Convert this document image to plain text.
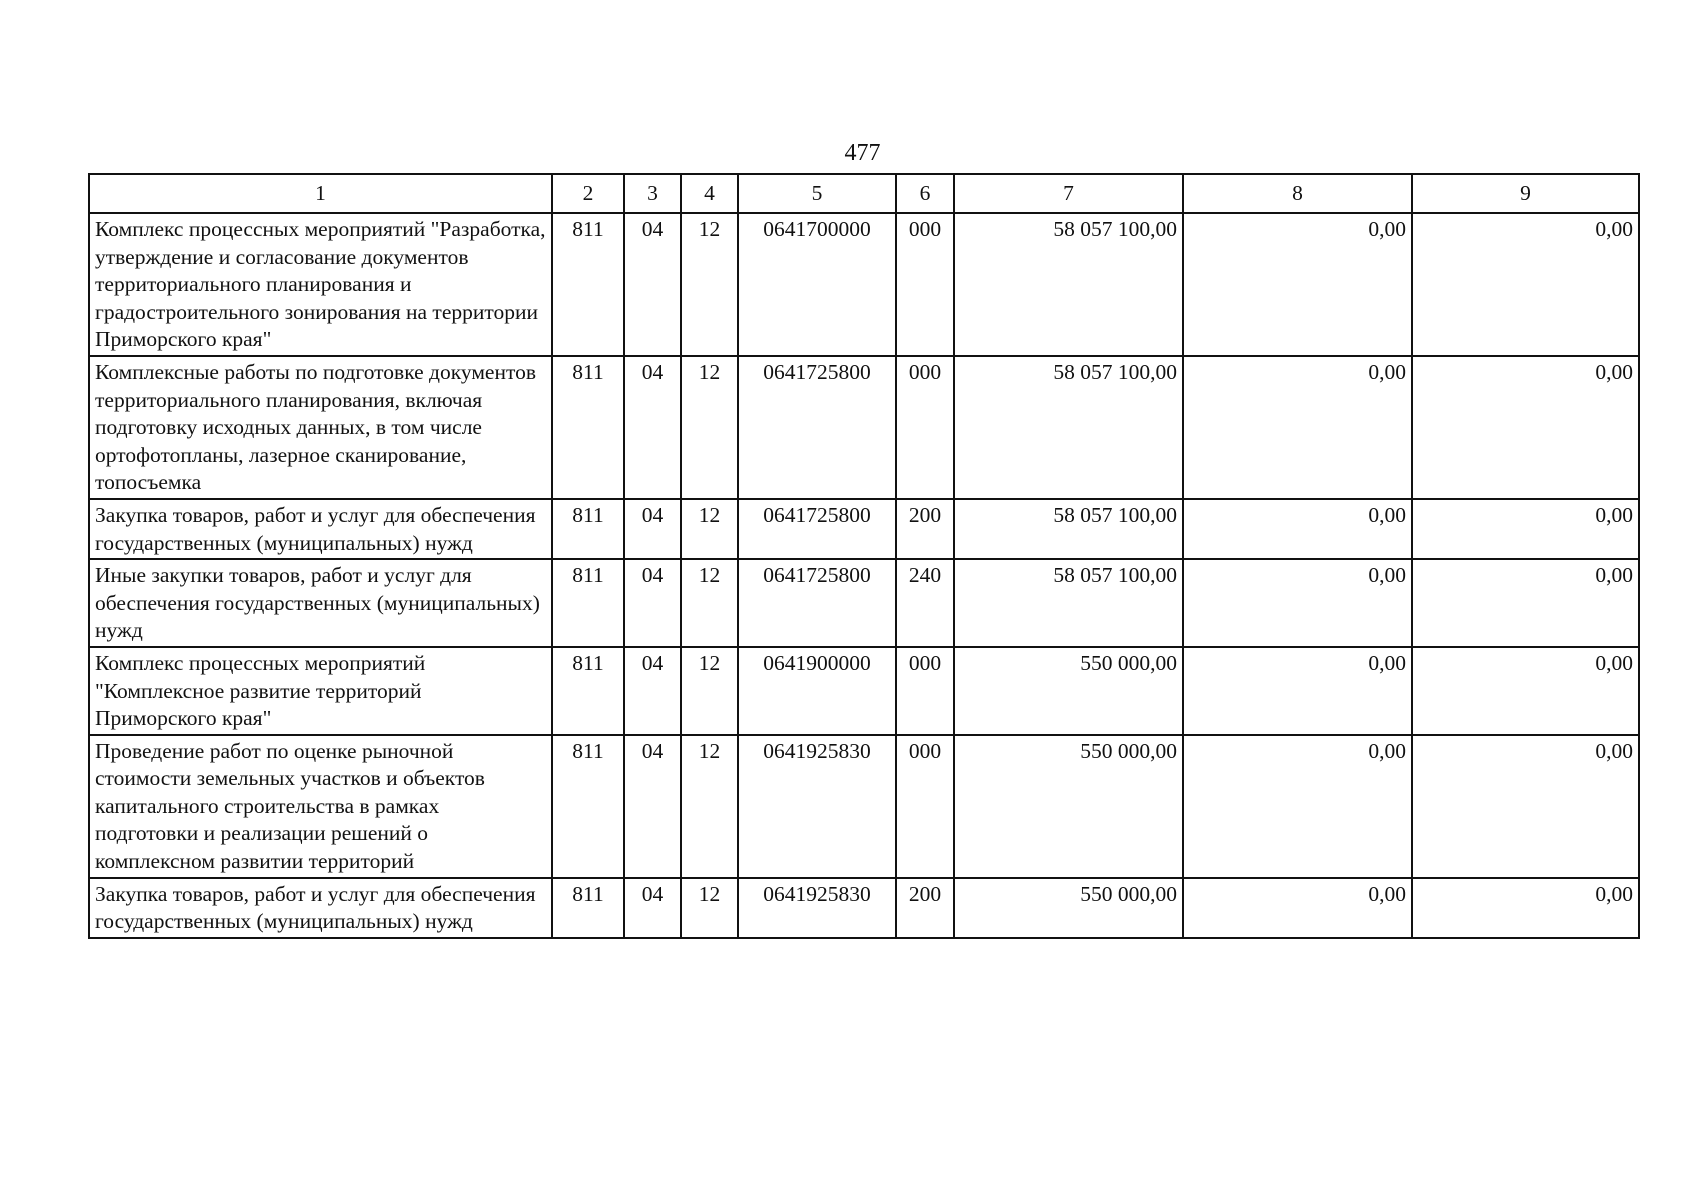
477
1	2	3	4	5	6	7	8	9
Комплекс процессных мероприятий "Разработка, утверждение и согласование документов территориального планирования и градостроительного зонирования на территории Приморского края"	811	04	12	0641700000	000	58 057 100,00	0,00	0,00
Комплексные работы по подготовке документов территориального планирования, включая подготовку исходных данных, в том числе ортофотопланы, лазерное сканирование, топосъемка	811	04	12	0641725800	000	58 057 100,00	0,00	0,00
Закупка товаров, работ и услуг для обеспечения государственных (муниципальных) нужд	811	04	12	0641725800	200	58 057 100,00	0,00	0,00
Иные закупки товаров, работ и услуг для обеспечения государственных (муниципальных) нужд	811	04	12	0641725800	240	58 057 100,00	0,00	0,00
Комплекс процессных мероприятий "Комплексное развитие территорий Приморского края"	811	04	12	0641900000	000	550 000,00	0,00	0,00
Проведение работ по оценке рыночной стоимости земельных участков и объектов капитального строительства в рамках подготовки и реализации решений о комплексном развитии территорий	811	04	12	0641925830	000	550 000,00	0,00	0,00
Закупка товаров, работ и услуг для обеспечения государственных (муниципальных) нужд	811	04	12	0641925830	200	550 000,00	0,00	0,00
